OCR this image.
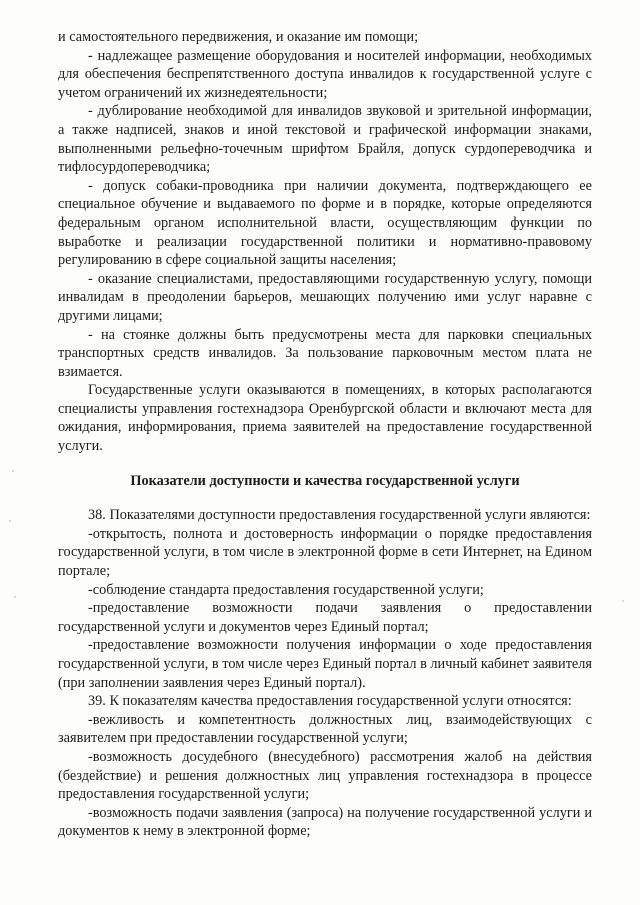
и самостоятельного передвижения, и оказание им помощи;

- надлежащее размещение оборудования и носителей информации, необходимых для обеспечения беспрепятственного доступа инвалидов к государственной услуге с учетом ограничений их жизнедеятельности;

- дублирование необходимой для инвалидов звуковой и зрительной информации, а также надписей, знаков и иной текстовой и графической информации знаками, выполненными рельефно-точечным шрифтом Брайля, допуск сурдопереводчика и тифлосурдопереводчика;

- допуск собаки-проводника при наличии документа, подтверждающего ее специальное обучение и выдаваемого по форме и в порядке, которые определяются федеральным органом исполнительной власти, осуществляющим функции по выработке и реализации государственной политики и нормативно-правовому регулированию в сфере социальной защиты населения;

- оказание специалистами, предоставляющими государственную услугу, помощи инвалидам в преодолении барьеров, мешающих получению ими услуг наравне с другими лицами;

- на стоянке должны быть предусмотрены места для парковки специальных транспортных средств инвалидов. За пользование парковочным местом плата не взимается.

Государственные услуги оказываются в помещениях, в которых располагаются специалисты управления гостехнадзора Оренбургской области и включают места для ожидания, информирования, приема заявителей на предоставление государственной услуги.

Показатели доступности и качества государственной услуги

38. Показателями доступности предоставления государственной услуги являются:

-открытость, полнота и достоверность информации о порядке предоставления государственной услуги, в том числе в электронной форме в сети Интернет, на Едином портале;

-соблюдение стандарта предоставления государственной услуги;

-предоставление возможности подачи заявления о предоставлении государственной услуги и документов через Единый портал;

-предоставление возможности получения информации о ходе предоставления государственной услуги, в том числе через Единый портал в личный кабинет заявителя (при заполнении заявления через Единый портал).

39. К показателям качества предоставления государственной услуги относятся:

-вежливость и компетентность должностных лиц, взаимодействующих с заявителем при предоставлении государственной услуги;

-возможность досудебного (внесудебного) рассмотрения жалоб на действия (бездействие) и решения должностных лиц управления гостехнадзора в процессе предоставления государственной услуги;

-возможность подачи заявления (запроса) на получение государственной услуги и документов к нему в электронной форме;
